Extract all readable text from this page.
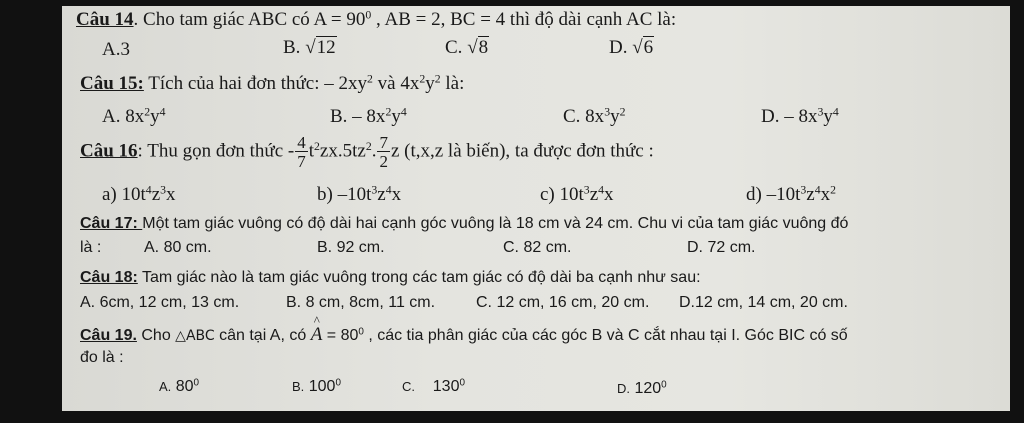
Câu 14. Cho tam giác ABC có $A = 90^0$ , AB = 2, BC = 4 thì độ dài cạnh AC là:
A.3	B. √12	C. √8	D. √6
Câu 15: Tích của hai đơn thức: – $2xy^2$ và $4x^2y^2$ là:
A. $8x^2y^4$	B. – $8x^2y^4$	C. $8x^3y^2$	D. – $8x^3y^4$
Câu 16: Thu gọn đơn thức - $\frac{4}{7} t^2zx.5tz^2$. $\frac{7}{2}$ z (t,x,z là biến), ta được đơn thức :
a) $10t^4z^3x$	b) $-10t^3z^4x$	c) $10t^3z^4x$	d) $-10t^3z^4x^2$
Câu 17: Một tam giác vuông có độ dài hai cạnh góc vuông là 18 cm và 24 cm. Chu vi của tam giác vuông đó
là :	A. 80 cm.	B. 92 cm.	C. 82 cm.	D. 72 cm.
Câu 18: Tam giác nào là tam giác vuông trong các tam giác có độ dài ba cạnh như sau:
A. 6cm, 12 cm, 13 cm.	B. 8 cm, 8cm, 11 cm.	C. 12 cm, 16 cm, 20 cm. D.12 cm, 14 cm, 20 cm.
Câu 19. Cho △ABC cân tại A, có
^
$A = 80^0$ , các tia phân giác của các góc B và C cắt nhau tại I. Góc BIC có số
đo là :
A. $80^0$	B. $100^0$	C. $130^0$	D. $120^0$
